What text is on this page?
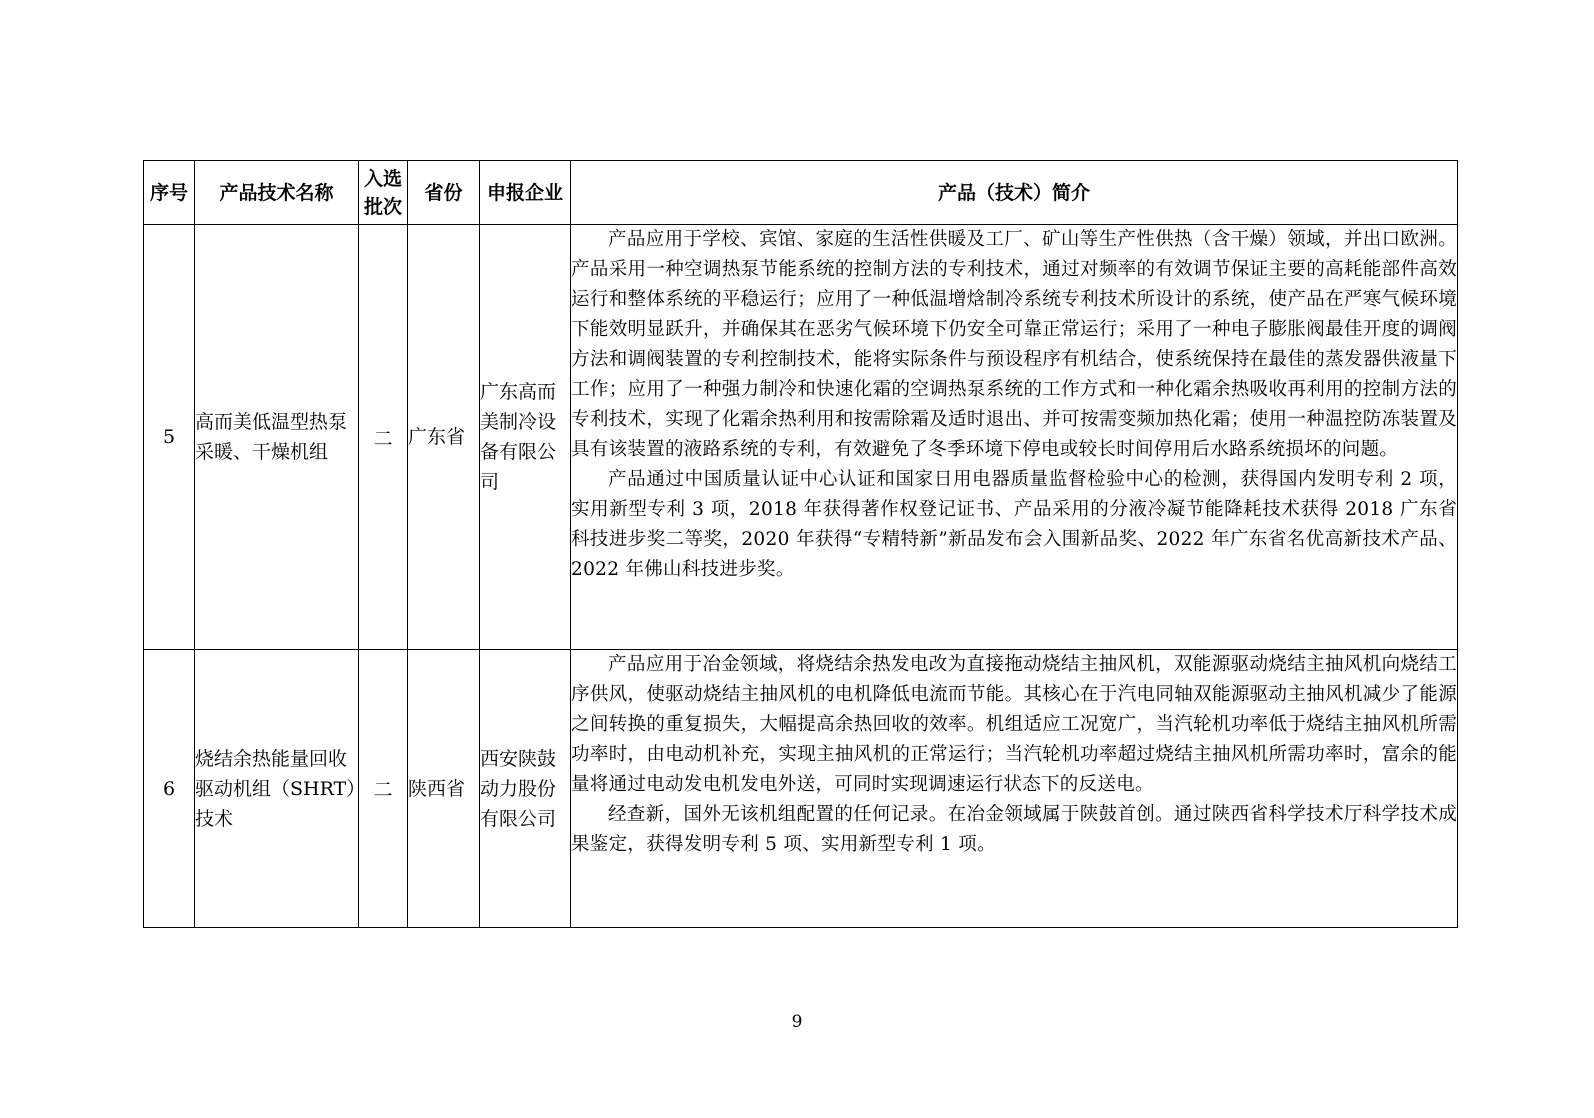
序号	产品技术名称	入选批次	省份	申报企业	产品（技术）简介
5	高而美低温型热泵采暖、干燥机组	二	广东省	广东高而美制冷设备有限公司	产品应用于学校、宾馆、家庭的生活性供暖及工厂、矿山等生产性供热（含干燥）领域，并出口欧洲。产品采用一种空调热泵节能系统的控制方法的专利技术，通过对频率的有效调节保证主要的高耗能部件高效运行和整体系统的平稳运行；应用了一种低温增焓制冷系统专利技术所设计的系统，使产品在严寒气候环境下能效明显跃升，并确保其在恶劣气候环境下仍安全可靠正常运行；采用了一种电子膨胀阀最佳开度的调阀方法和调阀装置的专利控制技术，能将实际条件与预设程序有机结合，使系统保持在最佳的蒸发器供液量下工作；应用了一种强力制冷和快速化霜的空调热泵系统的工作方式和一种化霜余热吸收再利用的控制方法的专利技术，实现了化霜余热利用和按需除霜及适时退出、并可按需变频加热化霜；使用一种温控防冻装置及具有该装置的液路系统的专利，有效避免了冬季环境下停电或较长时间停用后水路系统损坏的问题。

产品通过中国质量认证中心认证和国家日用电器质量监督检验中心的检测，获得国内发明专利 2 项，实用新型专利 3 项，2018 年获得著作权登记证书、产品采用的分液冷凝节能降耗技术获得 2018 广东省科技进步奖二等奖，2020 年获得“专精特新”新品发布会入围新品奖、2022 年广东省名优高新技术产品、2022 年佛山科技进步奖。

6	烧结余热能量回收驱动机组（SHRT）技术	二	陕西省	西安陕鼓动力股份有限公司	产品应用于冶金领域，将烧结余热发电改为直接拖动烧结主抽风机，双能源驱动烧结主抽风机向烧结工序供风，使驱动烧结主抽风机的电机降低电流而节能。其核心在于汽电同轴双能源驱动主抽风机减少了能源之间转换的重复损失，大幅提高余热回收的效率。机组适应工况宽广，当汽轮机功率低于烧结主抽风机所需功率时，由电动机补充，实现主抽风机的正常运行；当汽轮机功率超过烧结主抽风机所需功率时，富余的能量将通过电动发电机发电外送，可同时实现调速运行状态下的反送电。

经查新，国外无该机组配置的任何记录。在冶金领域属于陕鼓首创。通过陕西省科学技术厅科学技术成果鉴定，获得发明专利 5 项、实用新型专利 1 项。

9
